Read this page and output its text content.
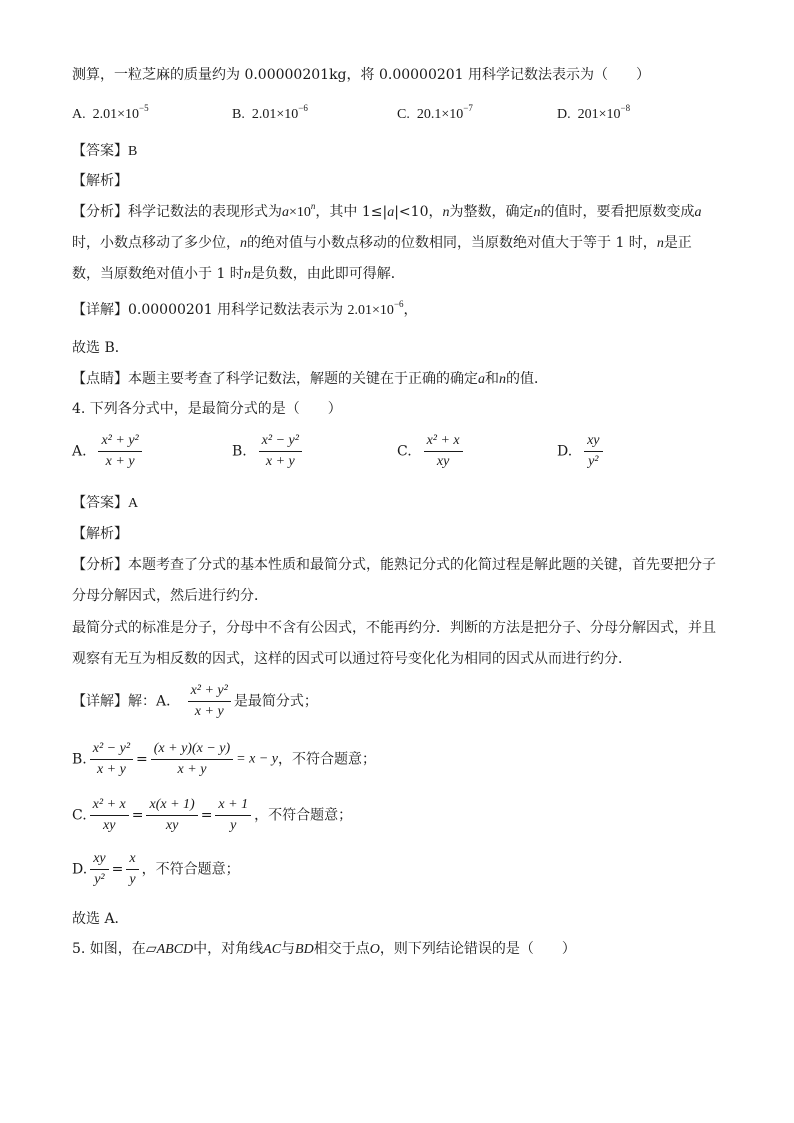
测算，一粒芝麻的质量约为 0.00000201kg，将 0.00000201 用科学记数法表示为（　　）
A. $2.01\times 10^{-5}$	B. $2.01\times 10^{-6}$	C. $20.1\times 10^{-7}$	D. $201\times 10^{-8}$
【答案】B
【解析】
【分析】科学记数法的表现形式为$a\times 10^n$，其中 1≤|a|<10，n为整数，确定n的值时，要看把原数变成a
时，小数点移动了多少位，n的绝对值与小数点移动的位数相同，当原数绝对值大于等于 1 时，n是正
数，当原数绝对值小于 1 时n是负数，由此即可得解．
【详解】0.00000201 用科学记数法表示为 $2.01\times 10^{-6}$，
故选 B．
【点睛】本题主要考查了科学记数法，解题的关键在于正确的确定a和n的值．
4. 下列各分式中，是最简分式的是（　　）
A. $\frac{\text{x² + y²}}{x + y}$	B. $\frac{\text{x² − y²}}{x + y}$	C. $\frac{\text{x² + x}}{xy}$	D. $\frac{xy}{\text{y²}}$
【答案】A
【解析】
【分析】本题考查了分式的基本性质和最简分式，能熟记分式的化简过程是解此题的关键，首先要把分子
分母分解因式，然后进行约分．
最简分式的标准是分子，分母中不含有公因式，不能再约分．判断的方法是把分子、分母分解因式，并且
观察有无互为相反数的因式，这样的因式可以通过符号变化化为相同的因式从而进行约分．
【详解】解：A． $\frac{\text{x² + y²}}{x + y}$ 是最简分式；
B. $\frac{\text{x² − y²}}{x + y} = \frac{(x + y)(x - y)}{x + y} = x - y$，不符合题意；
C. $\frac{\text{x² + x}}{xy} = \frac{x(x + 1)}{xy} = \frac{x + 1}{y}$ ，不符合题意；
D. $\frac{xy}{\text{y²}} = \frac{x}{y}$ ，不符合题意；
故选 A．
5. 如图，在▱ABCD中，对角线AC与BD相交于点O，则下列结论错误的是（　　）
